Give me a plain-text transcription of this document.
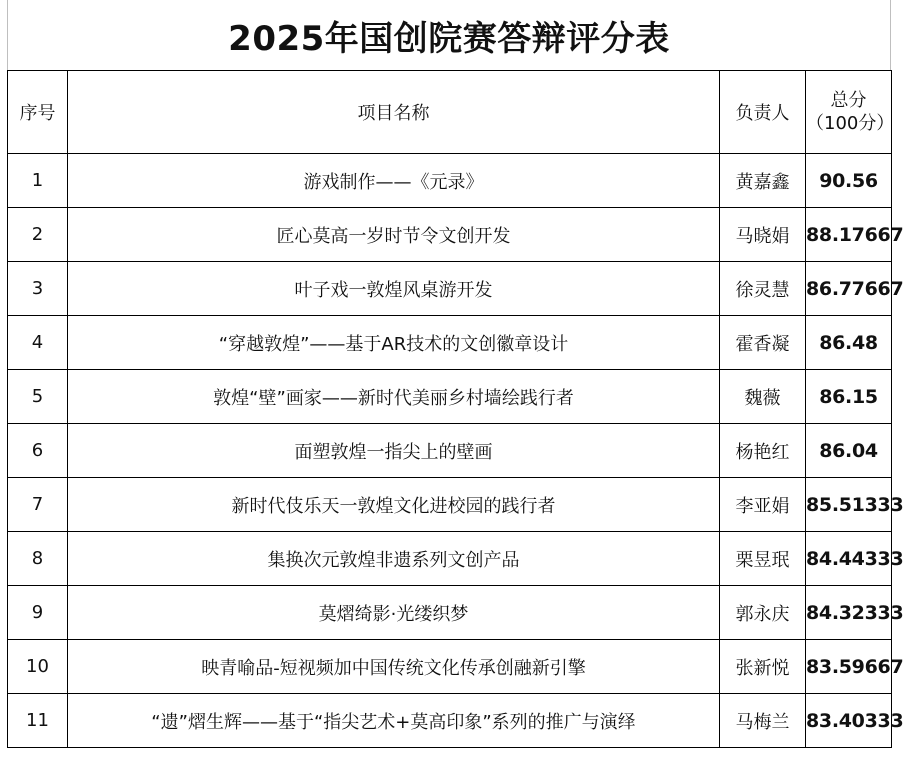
2025年国创院赛答辩评分表
序号	项目名称	负责人	总分
（100分）

1	游戏制作——《元录》	黄嘉鑫	90.56
2	匠心莫高一岁时节令文创开发	马晓娟	88.17667
3	叶子戏一敦煌风桌游开发	徐灵慧	86.77667
4	“穿越敦煌”——基于AR技术的文创徽章设计	霍香凝	86.48
5	敦煌“壁”画家——新时代美丽乡村墙绘践行者	魏薇	86.15
6	面塑敦煌一指尖上的壁画	杨艳红	86.04
7	新时代伎乐天一敦煌文化进校园的践行者	李亚娟	85.51333
8	集换次元敦煌非遗系列文创产品	栗昱珉	84.44333
9	莫熠绮影·光缕织梦	郭永庆	84.32333
10	映青喻品-短视频加中国传统文化传承创融新引擎	张新悦	83.59667
11	“遗”熠生辉——基于“指尖艺术+莫高印象”系列的推广与演绎	马梅兰	83.40333
